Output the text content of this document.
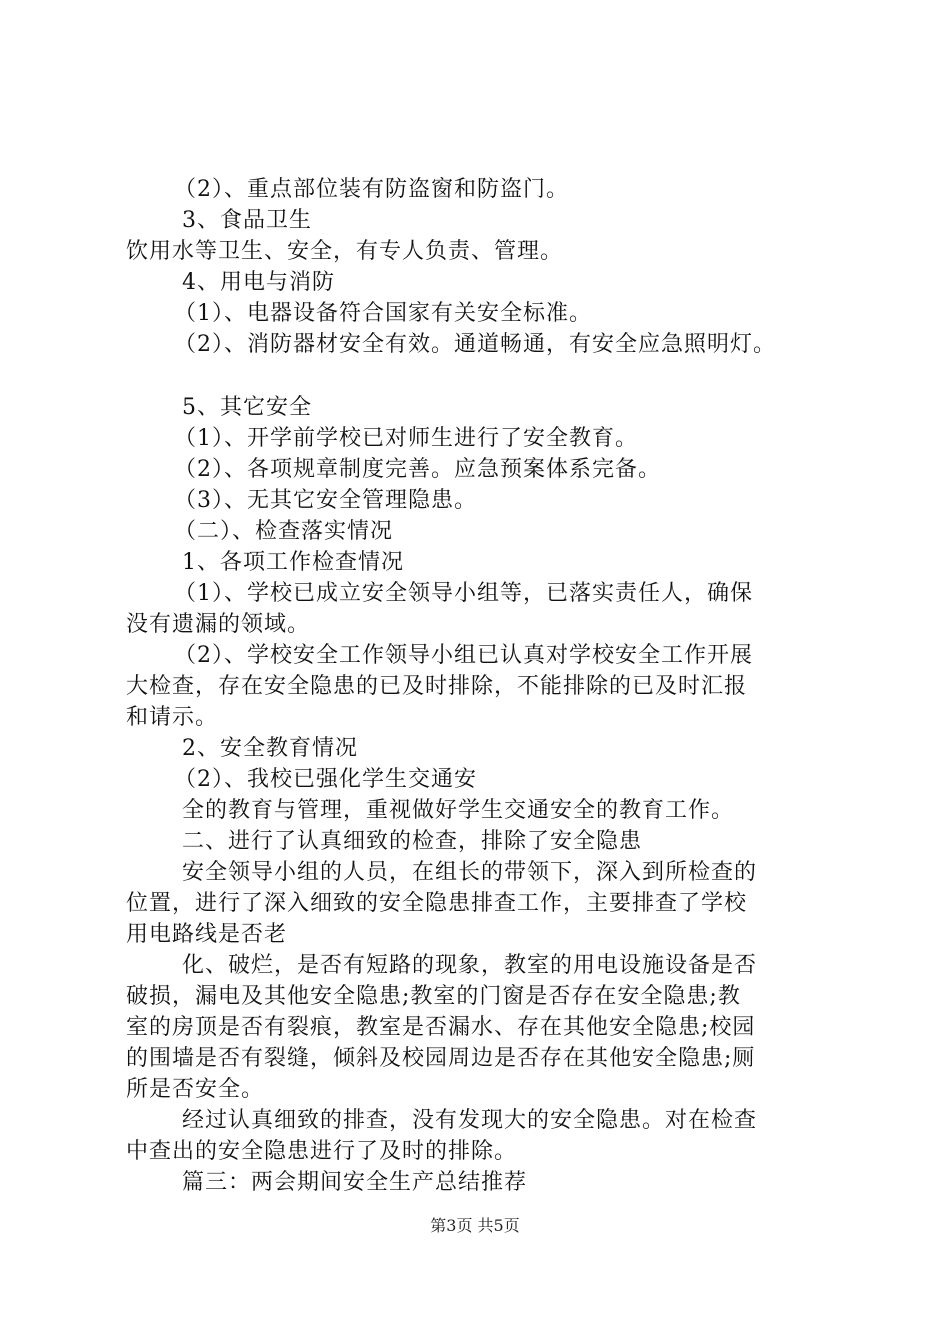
（2）、重点部位装有防盗窗和防盗门。
3、食品卫生
饮用水等卫生、安全，有专人负责、管理。
4、用电与消防
（1）、电器设备符合国家有关安全标准。
（2）、消防器材安全有效。通道畅通，有安全应急照明灯。
5、其它安全
（1）、开学前学校已对师生进行了安全教育。
（2）、各项规章制度完善。应急预案体系完备。
（3）、无其它安全管理隐患。
（二）、检查落实情况
1、各项工作检查情况
（1）、学校已成立安全领导小组等，已落实责任人，确保
没有遗漏的领域。
（2）、学校安全工作领导小组已认真对学校安全工作开展
大检查，存在安全隐患的已及时排除，不能排除的已及时汇报
和请示。
2、安全教育情况
（2）、我校已强化学生交通安
全的教育与管理，重视做好学生交通安全的教育工作。
二、进行了认真细致的检查，排除了安全隐患
安全领导小组的人员，在组长的带领下，深入到所检查的
位置，进行了深入细致的安全隐患排查工作，主要排查了学校
用电路线是否老
化、破烂，是否有短路的现象，教室的用电设施设备是否
破损，漏电及其他安全隐患;教室的门窗是否存在安全隐患;教
室的房顶是否有裂痕，教室是否漏水、存在其他安全隐患;校园
的围墙是否有裂缝，倾斜及校园周边是否存在其他安全隐患;厕
所是否安全。
经过认真细致的排查，没有发现大的安全隐患。对在检查
中查出的安全隐患进行了及时的排除。
篇三：两会期间安全生产总结推荐
第3页 共5页
